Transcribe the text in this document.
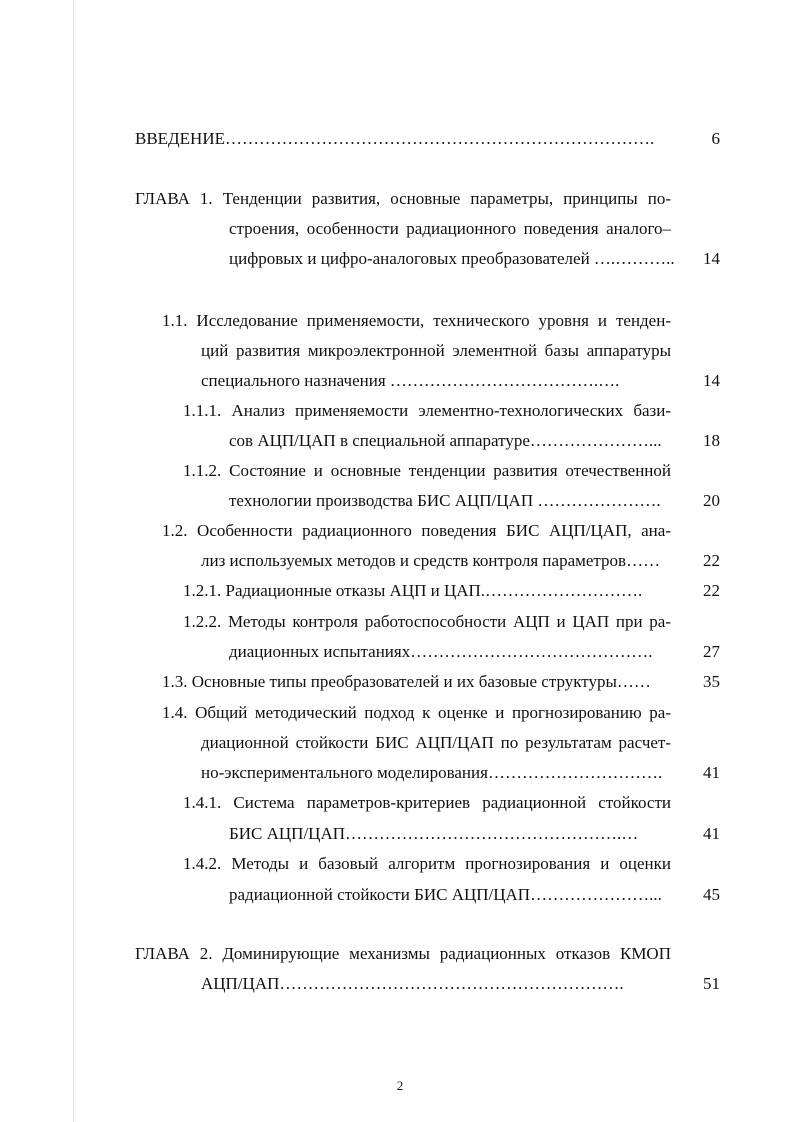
ВВЕДЕНИЕ………………………………………………………………….	6
ГЛАВА 1. Тенденции развития, основные параметры, принципы по-
строения, особенности радиационного поведения аналого–
цифровых и цифро-аналоговых преобразователей ….………..	14
1.1. Исследование применяемости, технического уровня и тенден-
ций развития микроэлектронной элементной базы аппаратуры
специального назначения ……………………………….….	14
1.1.1. Анализ применяемости элементно-технологических бази-
сов АЦП/ЦАП в специальной аппаратуре…………………...	18
1.1.2. Состояние и основные тенденции развития отечественной
технологии производства БИС АЦП/ЦАП ………………….	20
1.2. Особенности радиационного поведения БИС АЦП/ЦАП, ана-
лиз используемых методов и средств контроля параметров……	22
1.2.1. Радиационные отказы АЦП и ЦАП.……………………….	22
1.2.2. Методы контроля работоспособности АЦП и ЦАП при ра-
диационных испытаниях…………………………………….	27
1.3. Основные типы преобразователей и их базовые структуры……	35
1.4. Общий методический подход к оценке и прогнозированию ра-
диационной стойкости БИС АЦП/ЦАП по результатам расчет-
но-экспериментального моделирования………………………….	41
1.4.1. Система параметров-критериев радиационной стойкости
БИС АЦП/ЦАП………………………………………….…	41
1.4.2. Методы и базовый алгоритм прогнозирования и оценки
радиационной стойкости БИС АЦП/ЦАП…………………...	45
ГЛАВА 2. Доминирующие механизмы радиационных отказов КМОП
АЦП/ЦАП…………………………………………………….	51
2
